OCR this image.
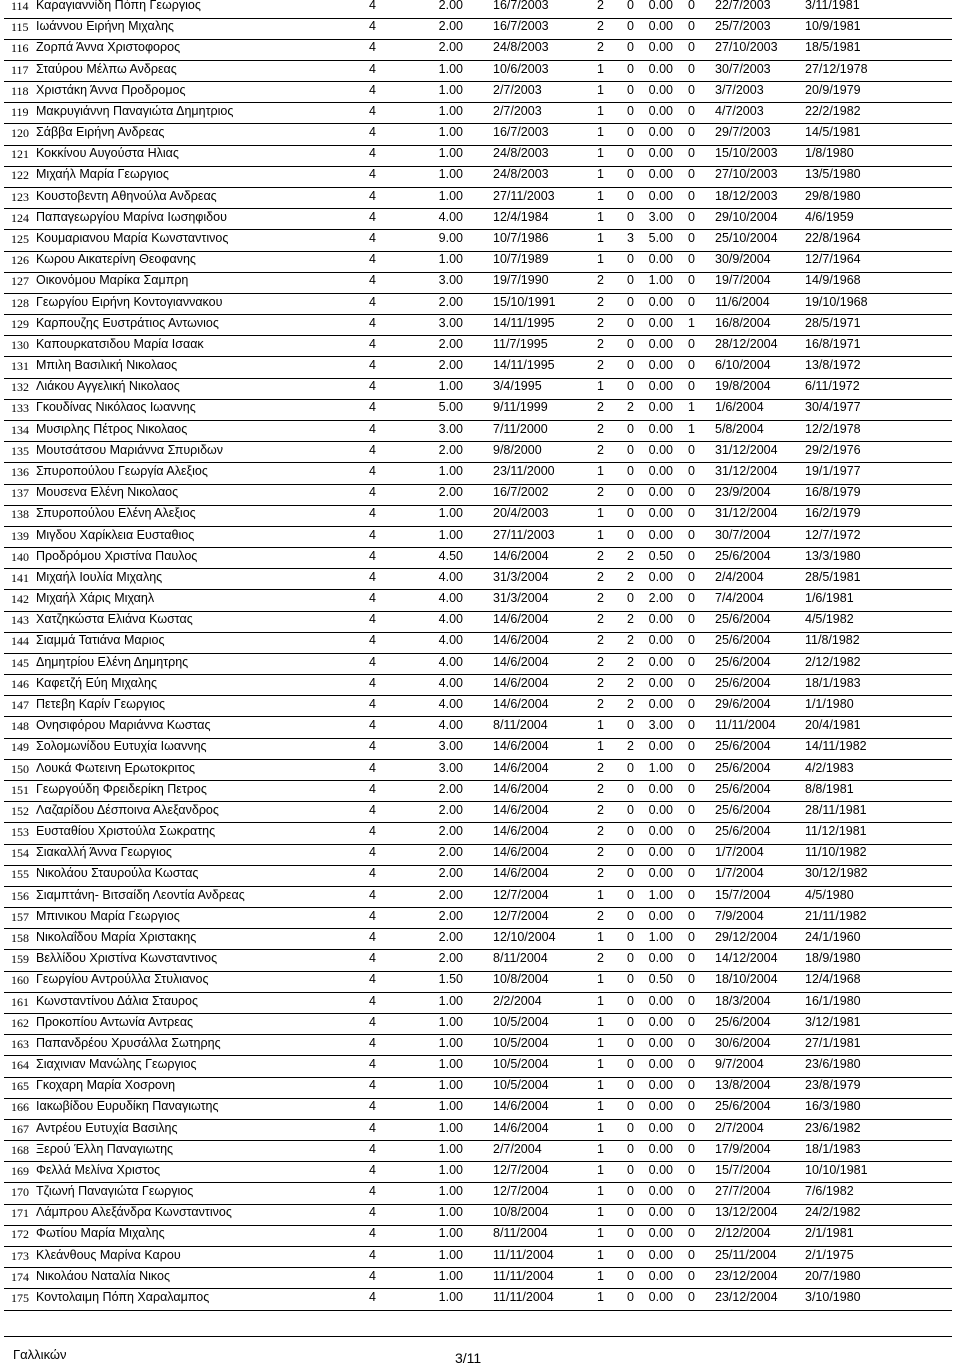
114 Καραγιαννίδη Πόπη Γεωργιος	4	2.00 16/7/2003	2 0 0.00 0 22/7/2003	3/11/1981
115 Ιωάννου Ειρήνη Μιχαλης	4	2.00 16/7/2003	2 0 0.00 0 25/7/2003	10/9/1981
116 Ζορπά Άννα Χριστοφορος	4	2.00 24/8/2003	2 0 0.00 0 27/10/2003 18/5/1981
117 Σταύρου Μέλπω Ανδρεας	4	1.00 10/6/2003	1 0 0.00 0 30/7/2003	27/12/1978
118 Χριστάκη Άννα Προδρομος	4	1.00 2/7/2003	1 0 0.00 0 3/7/2003	20/9/1979
119 Μακρυγιάννη Παναγιώτα Δημητριος	4	1.00 2/7/2003	1 0 0.00 0 4/7/2003	22/2/1982
120 Σάββα Ειρήνη Ανδρεας	4	1.00 16/7/2003	1 0 0.00 0 29/7/2003	14/5/1981
121 Κοκκίνου Αυγούστα Ηλιας	4	1.00 24/8/2003	1 0 0.00 0 15/10/2003 1/8/1980
122 Μιχαήλ Μαρία Γεωργιος	4	1.00 24/8/2003	1 0 0.00 0 27/10/2003 13/5/1980
123 Κουστοβεντη Αθηνούλα Ανδρεας	4	1.00 27/11/2003	1 0 0.00 0 18/12/2003 29/8/1980
124 Παπαγεωργίου Μαρίνα Ιωσηφιδου	4	4.00 12/4/1984	1 0 3.00 0 29/10/2004 4/6/1959
125 Κουμαριανου Μαρία Κωνσταντινος	4	9.00 10/7/1986	1 3 5.00 0 25/10/2004 22/8/1964
126 Κωρου Αικατερίνη Θεοφανης	4	1.00 10/7/1989	1 0 0.00 0 30/9/2004	12/7/1964
127 Οικονόμου Μαρίκα Σαμπρη	4	3.00 19/7/1990	2 0 1.00 0 19/7/2004	14/9/1968
128 Γεωργίου Ειρήνη Κοντογιαννακου	4	2.00 15/10/1991	2 0 0.00 0 11/6/2004	19/10/1968
129 Καρπουζης Ευστράτιος Αντωνιος	4	3.00 14/11/1995	2 0 0.00 1 16/8/2004	28/5/1971
130 Καπουρκατσιδου Μαρία Ισαακ	4	2.00 11/7/1995	2 0 0.00 0 28/12/2004 16/8/1971
131 Μπιλη Βασιλική Νικολαος	4	2.00 14/11/1995	2 0 0.00 0 6/10/2004	13/8/1972
132 Λιάκου Αγγελική Νικολαος	4	1.00 3/4/1995	1 0 0.00 0 19/8/2004	6/11/1972
133 Γκουδίνας Νικόλαος Ιωαννης	4	5.00 9/11/1999	2 2 0.00 1 1/6/2004	30/4/1977
134 Μυσιρλης Πέτρος Νικολαος	4	3.00 7/11/2000	2 0 0.00 1 5/8/2004	12/2/1978
135 Μουτσάτσου Μαριάννα Σπυριδων	4	2.00 9/8/2000	2 0 0.00 0 31/12/2004 29/2/1976
136 Σπυροπούλου Γεωργία Αλεξιος	4	1.00 23/11/2000	1 0 0.00 0 31/12/2004 19/1/1977
137 Μουσενα Ελένη Νικολαος	4	2.00 16/7/2002	2 0 0.00 0 23/9/2004	16/8/1979
138 Σπυροπούλου Ελένη Αλεξιος	4	1.00 20/4/2003	1 0 0.00 0 31/12/2004 16/2/1979
139 Μιγδου Χαρίκλεια Ευσταθιος	4	1.00 27/11/2003	1 0 0.00 0 30/7/2004	12/7/1972
140 Προδρόμου Χριστίνα Παυλος	4	4.50 14/6/2004	2 2 0.50 0 25/6/2004	13/3/1980
141 Μιχαήλ Ιουλία Μιχαλης	4	4.00 31/3/2004	2 2 0.00 0 2/4/2004	28/5/1981
142 Μιχαήλ Χάρις Μιχαηλ	4	4.00 31/3/2004	2 0 2.00 0 7/4/2004	1/6/1981
143 Χατζηκώστα Ελιάνα Κωστας	4	4.00 14/6/2004	2 2 0.00 0 25/6/2004	4/5/1982
144 Σιαμμά Τατιάνα Μαριος	4	4.00 14/6/2004	2 2 0.00 0 25/6/2004	11/8/1982
145 Δημητρίου Ελένη Δημητρης	4	4.00 14/6/2004	2 2 0.00 0 25/6/2004	2/12/1982
146 Καφετζή Εύη Μιχαλης	4	4.00 14/6/2004	2 2 0.00 0 25/6/2004	18/1/1983
147 Πετεβη Καρίν Γεωργιος	4	4.00 14/6/2004	2 2 0.00 0 29/6/2004	1/1/1980
148 Ονησιφόρου Μαριάννα Κωστας	4	4.00 8/11/2004	1 0 3.00 0 11/11/2004 20/4/1981
149 Σολομωνίδου Ευτυχία Ιωαννης	4	3.00 14/6/2004	1 2 0.00 0 25/6/2004	14/11/1982
150 Λουκά Φωτεινη Ερωτοκριτος	4	3.00 14/6/2004	2 0 1.00 0 25/6/2004	4/2/1983
151 Γεωργούδη Φρειδερίκη Πετρος	4	2.00 14/6/2004	2 0 0.00 0 25/6/2004	8/8/1981
152 Λαζαρίδου Δέσποινα Αλεξανδρος	4	2.00 14/6/2004	2 0 0.00 0 25/6/2004	28/11/1981
153 Ευσταθίου Χριστούλα Σωκρατης	4	2.00 14/6/2004	2 0 0.00 0 25/6/2004	11/12/1981
154 Σιακαλλή Άννα Γεωργιος	4	2.00 14/6/2004	2 0 0.00 0 1/7/2004	11/10/1982
155 Νικολάου Σταυρούλα Κωστας	4	2.00 14/6/2004	2 0 0.00 0 1/7/2004	30/12/1982
156 Σιαμπτάνη- Βιτσαίδη Λεοντία Ανδρεας	4	2.00 12/7/2004	1 0 1.00 0 15/7/2004	4/5/1980
157 Μπινικου Μαρία Γεωργιος	4	2.00 12/7/2004	2 0 0.00 0 7/9/2004	21/11/1982
158 Νικολαΐδου Μαρία Χριστακης	4	2.00 12/10/2004	1 0 1.00 0 29/12/2004 24/1/1960
159 Βελλίδου Χριστίνα Κωνσταντινος	4	2.00 8/11/2004	2 0 0.00 0 14/12/2004 18/9/1980
160 Γεωργίου Αντρούλλα Στυλιανος	4	1.50 10/8/2004	1 0 0.50 0 18/10/2004 12/4/1968
161 Κωνσταντίνου Δάλια Σταυρος	4	1.00 2/2/2004	1 0 0.00 0 18/3/2004	16/1/1980
162 Προκοπίου Αντωνία Αντρεας	4	1.00 10/5/2004	1 0 0.00 0 25/6/2004	3/12/1981
163 Παπανδρέου Χρυσάλλα Σωτηρης	4	1.00 10/5/2004	1 0 0.00 0 30/6/2004	27/1/1981
164 Σιαχινιαν Μανώλης Γεωργιος	4	1.00 10/5/2004	1 0 0.00 0 9/7/2004	23/6/1980
165 Γκοχαρη Μαρία Χοσρονη	4	1.00 10/5/2004	1 0 0.00 0 13/8/2004	23/8/1979
166 Ιακωβίδου Ευρυδίκη Παναγιωτης	4	1.00 14/6/2004	1 0 0.00 0 25/6/2004	16/3/1980
167 Αντρέου Ευτυχία Βασιλης	4	1.00 14/6/2004	1 0 0.00 0 2/7/2004	23/6/1982
168 Ξερού Έλλη Παναγιωτης	4	1.00 2/7/2004	1 0 0.00 0 17/9/2004	18/1/1983
169 Φελλά Μελίνα Χριστος	4	1.00 12/7/2004	1 0 0.00 0 15/7/2004	10/10/1981
170 Τζιωνή Παναγιώτα Γεωργιος	4	1.00 12/7/2004	1 0 0.00 0 27/7/2004	7/6/1982
171 Λάμπρου Αλεξάνδρα Κωνσταντινος	4	1.00 10/8/2004	1 0 0.00 0 13/12/2004 24/2/1982
172 Φωτίου Μαρία Μιχαλης	4	1.00 8/11/2004	1 0 0.00 0 2/12/2004	2/1/1981
173 Κλεάνθους Μαρίνα Καρου	4	1.00 11/11/2004	1 0 0.00 0 25/11/2004 2/1/1975
174 Νικολάου Ναταλία Νικος	4	1.00 11/11/2004	1 0 0.00 0 23/12/2004 20/7/1980
175 Κοντολαιμη Πόπη Χαραλαμπος	4	1.00 11/11/2004	1 0 0.00 0 23/12/2004 3/10/1980
Γαλλικών	3/11
